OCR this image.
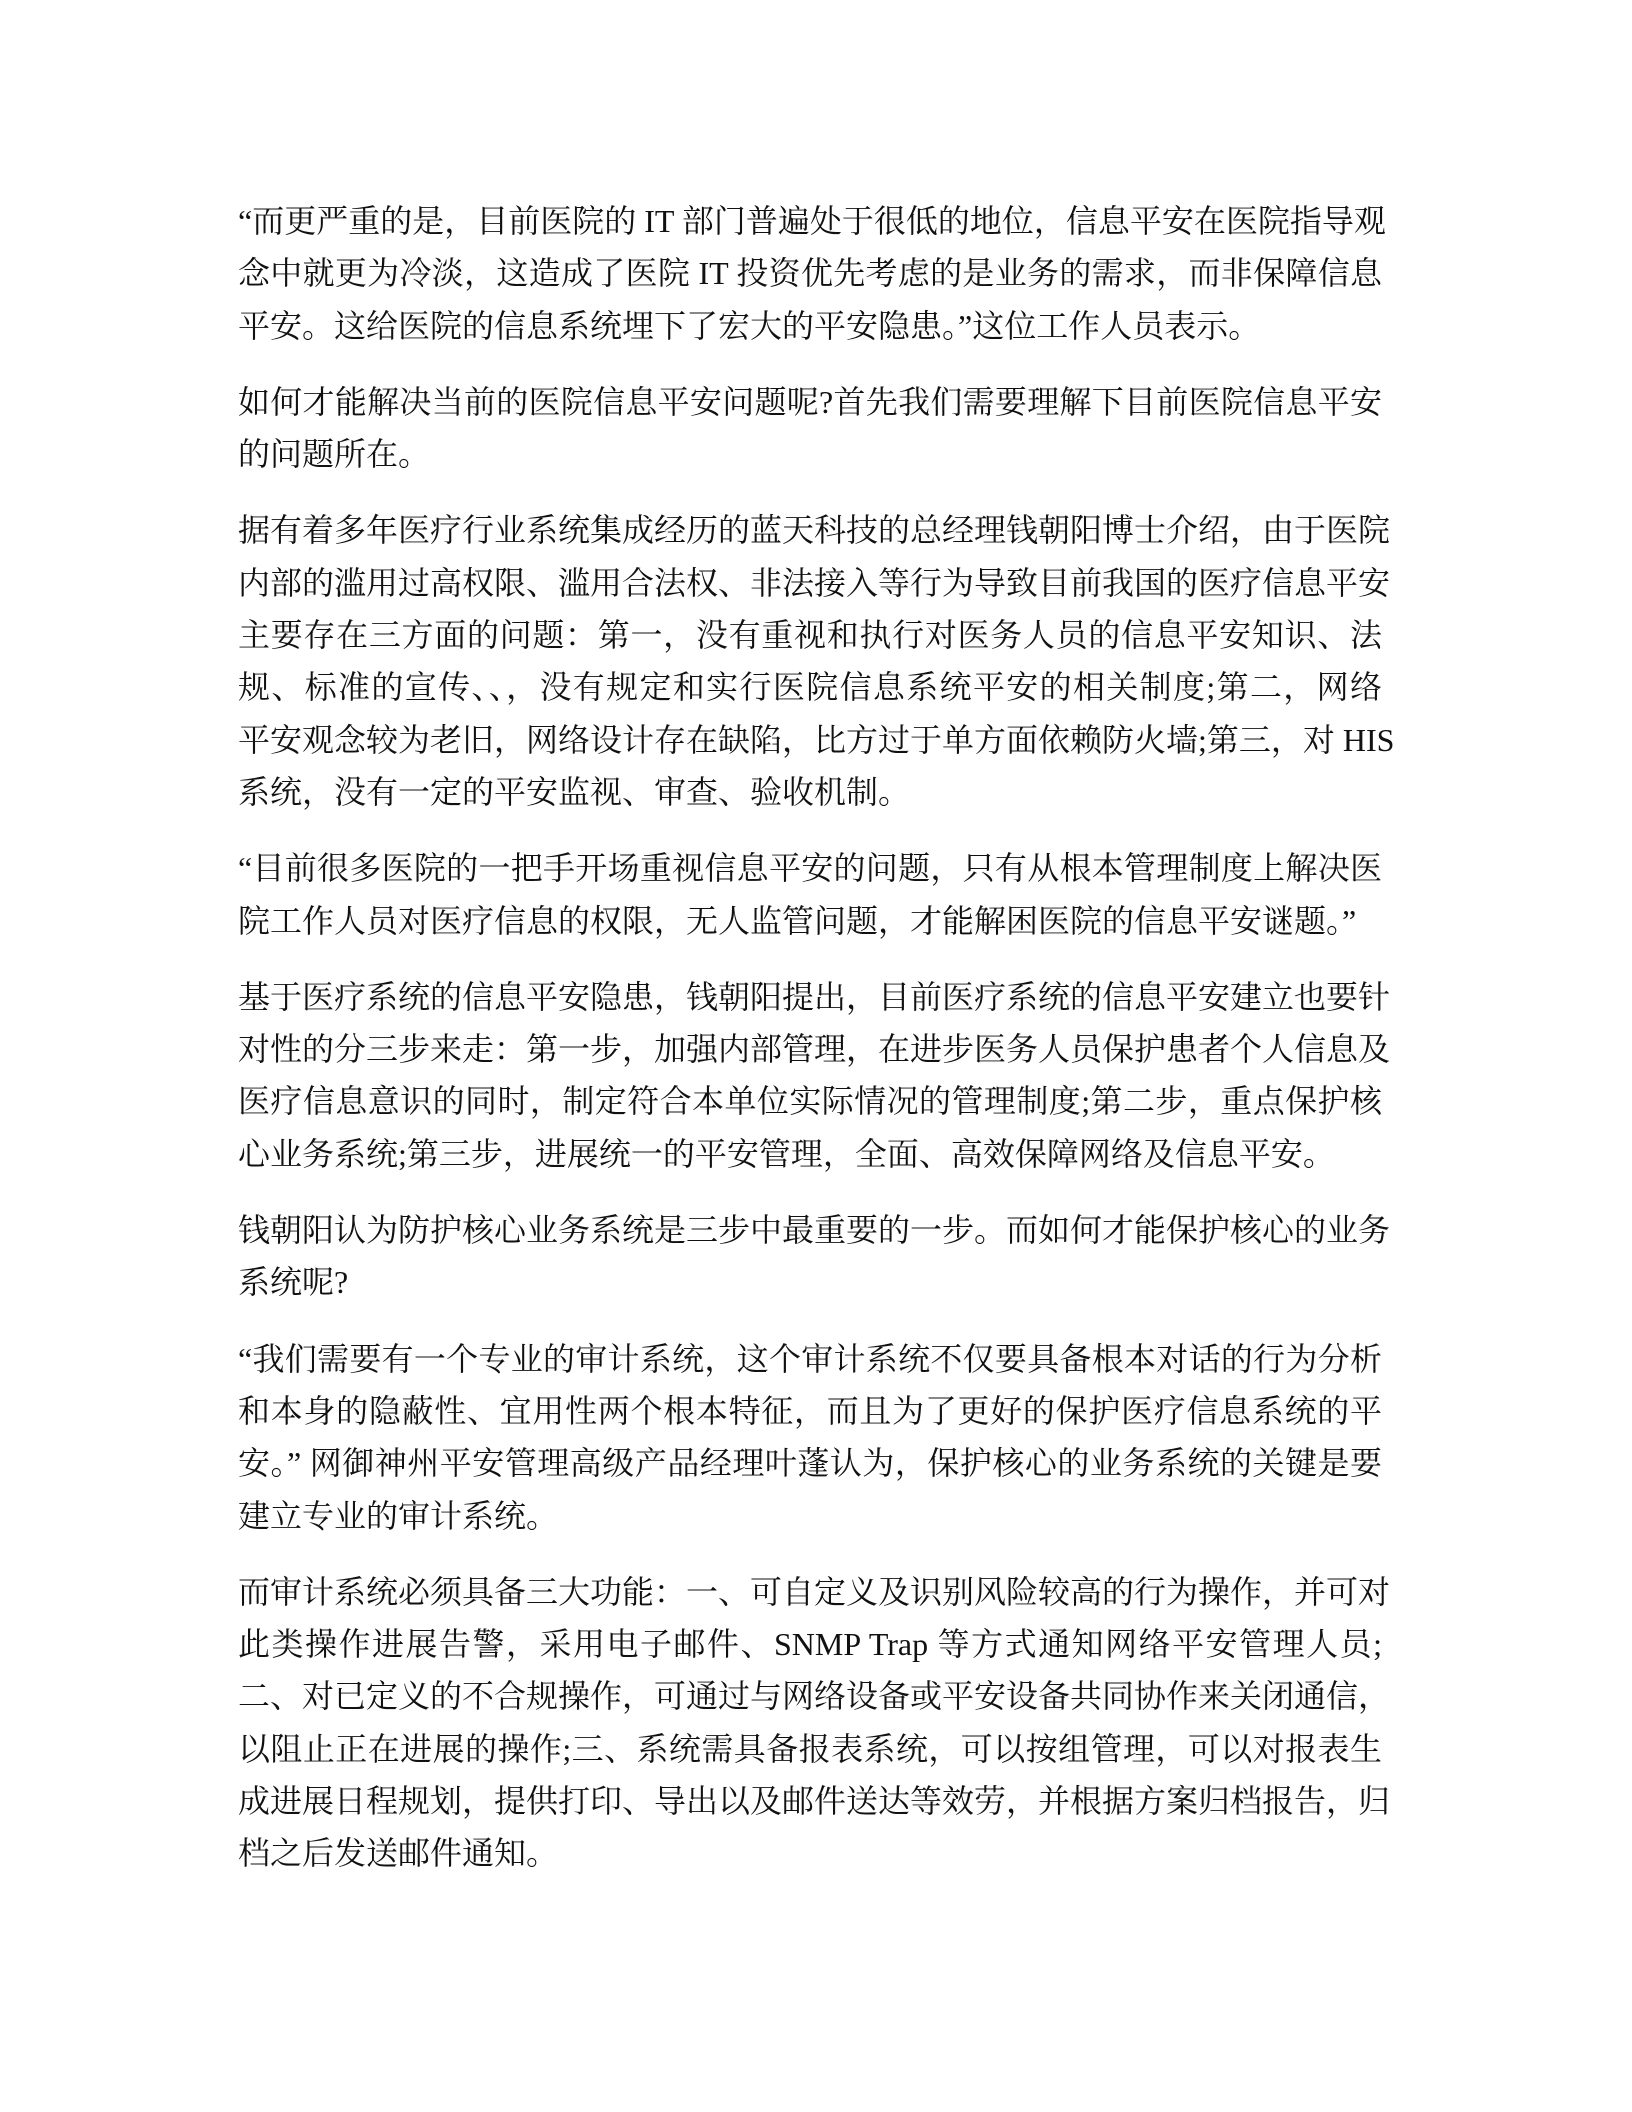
“而更严重的是，目前医院的 IT 部门普遍处于很低的地位，信息平安在医院指导观
念中就更为冷淡，这造成了医院 IT 投资优先考虑的是业务的需求，而非保障信息
平安。这给医院的信息系统埋下了宏大的平安隐患。”这位工作人员表示。
如何才能解决当前的医院信息平安问题呢?首先我们需要理解下目前医院信息平安
的问题所在。
据有着多年医疗行业系统集成经历的蓝天科技的总经理钱朝阳博士介绍，由于医院
内部的滥用过高权限、滥用合法权、非法接入等行为导致目前我国的医疗信息平安
主要存在三方面的问题：第一，没有重视和执行对医务人员的信息平安知识、法
规、标准的宣传、、，没有规定和实行医院信息系统平安的相关制度;第二，网络
平安观念较为老旧，网络设计存在缺陷，比方过于单方面依赖防火墙;第三，对 HIS
系统，没有一定的平安监视、审查、验收机制。
“目前很多医院的一把手开场重视信息平安的问题，只有从根本管理制度上解决医
院工作人员对医疗信息的权限，无人监管问题，才能解困医院的信息平安谜题。”
基于医疗系统的信息平安隐患，钱朝阳提出，目前医疗系统的信息平安建立也要针
对性的分三步来走：第一步，加强内部管理，在进步医务人员保护患者个人信息及
医疗信息意识的同时，制定符合本单位实际情况的管理制度;第二步，重点保护核
心业务系统;第三步，进展统一的平安管理，全面、高效保障网络及信息平安。
钱朝阳认为防护核心业务系统是三步中最重要的一步。而如何才能保护核心的业务
系统呢?
“我们需要有一个专业的审计系统，这个审计系统不仅要具备根本对话的行为分析
和本身的隐蔽性、宜用性两个根本特征，而且为了更好的保护医疗信息系统的平
安。” 网御神州平安管理高级产品经理叶蓬认为，保护核心的业务系统的关键是要
建立专业的审计系统。
而审计系统必须具备三大功能：一、可自定义及识别风险较高的行为操作，并可对
此类操作进展告警，采用电子邮件、SNMP Trap 等方式通知网络平安管理人员;
二、对已定义的不合规操作，可通过与网络设备或平安设备共同协作来关闭通信，
以阻止正在进展的操作;三、系统需具备报表系统，可以按组管理，可以对报表生
成进展日程规划，提供打印、导出以及邮件送达等效劳，并根据方案归档报告，归
档之后发送邮件通知。
